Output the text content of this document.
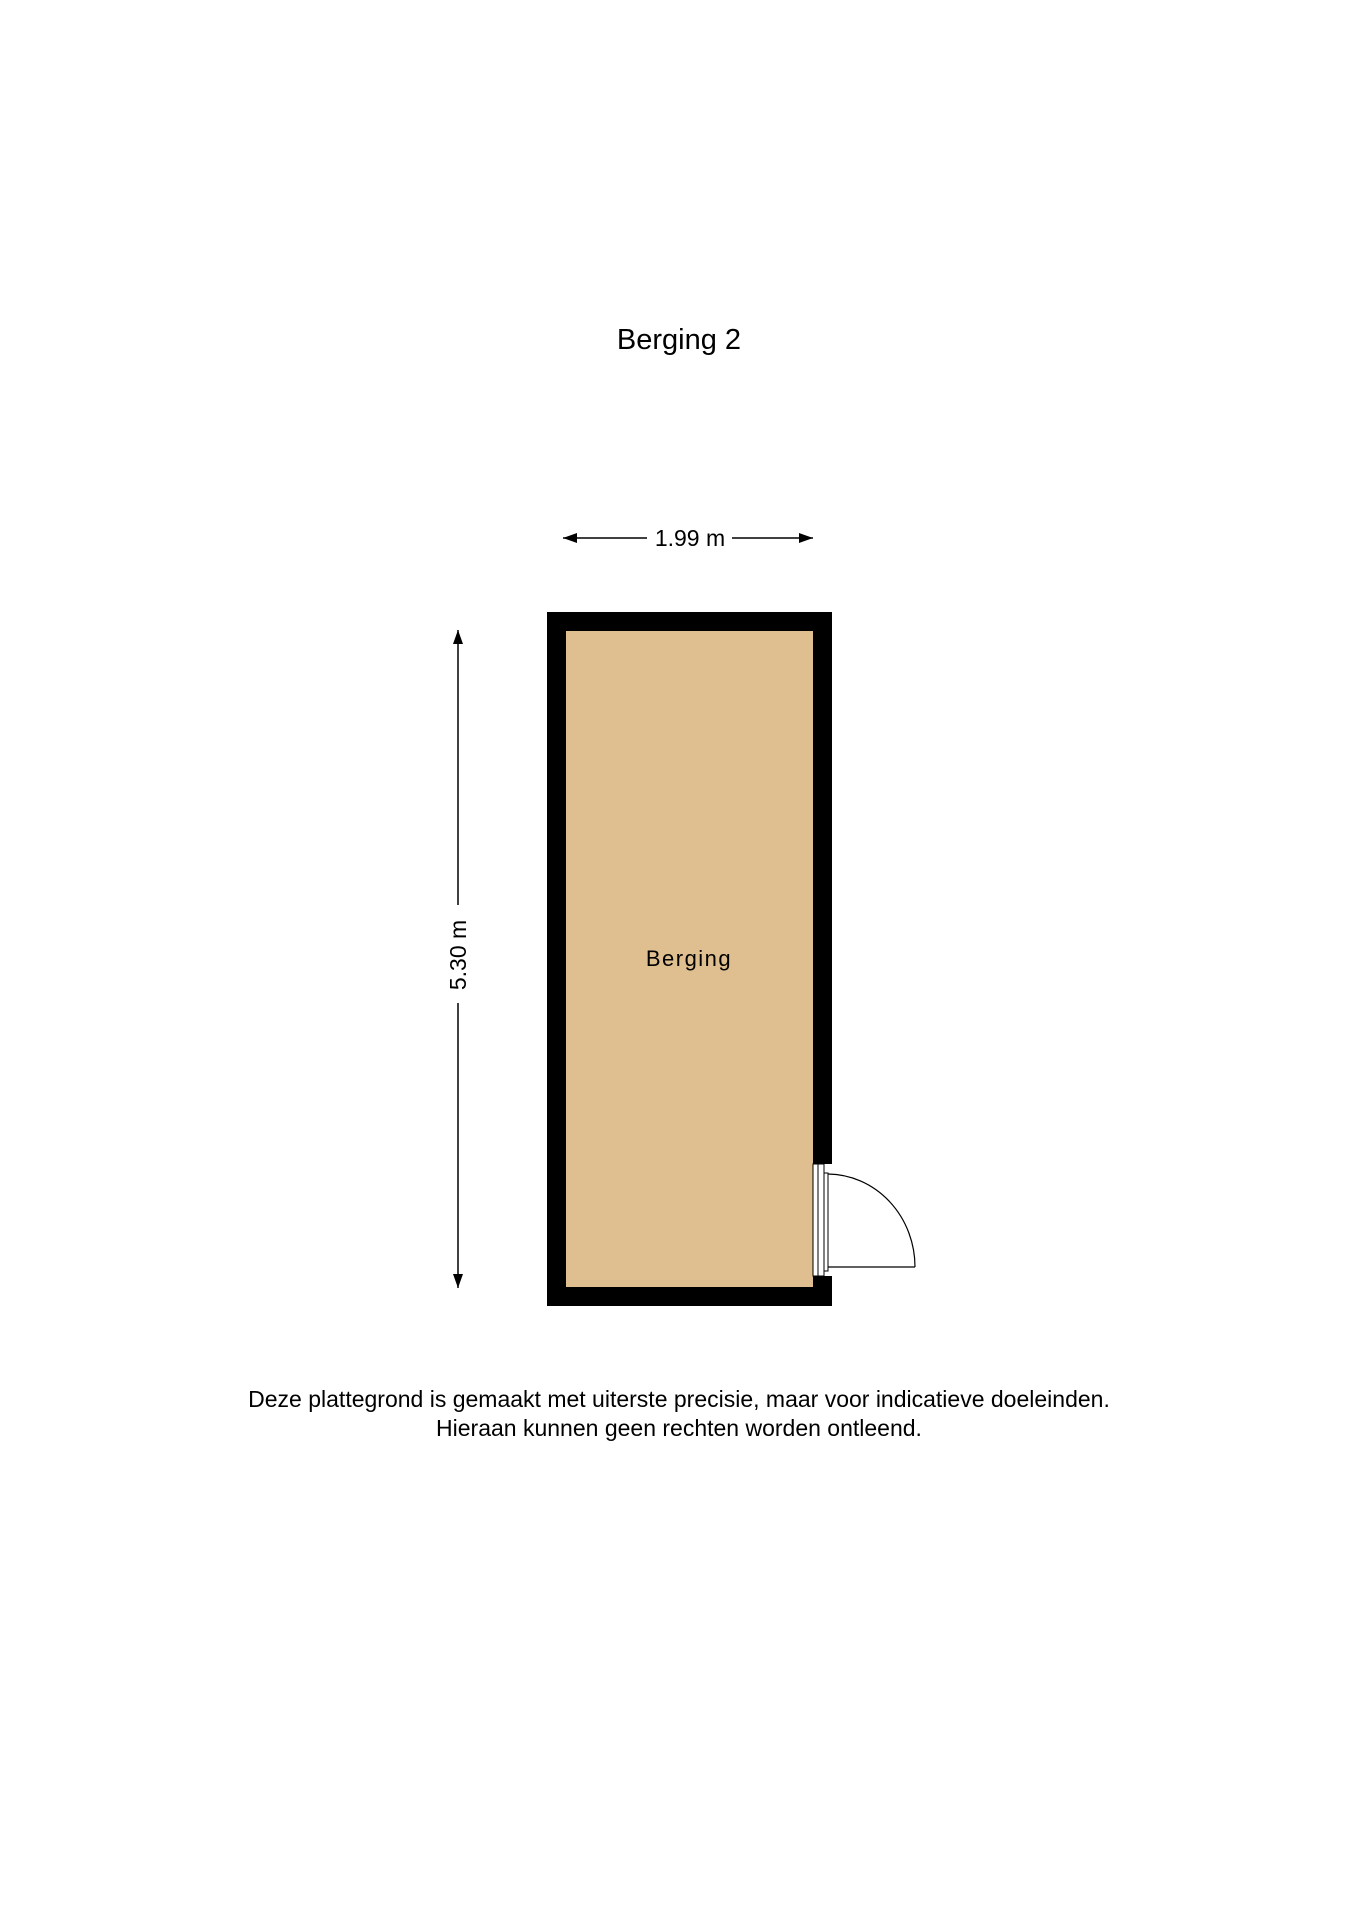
Berging 2
1.99 m
5.30 m	Berging
Deze plattegrond is gemaakt met uiterste precisie, maar voor indicatieve doeleinden.
Hieraan kunnen geen rechten worden ontleend.
